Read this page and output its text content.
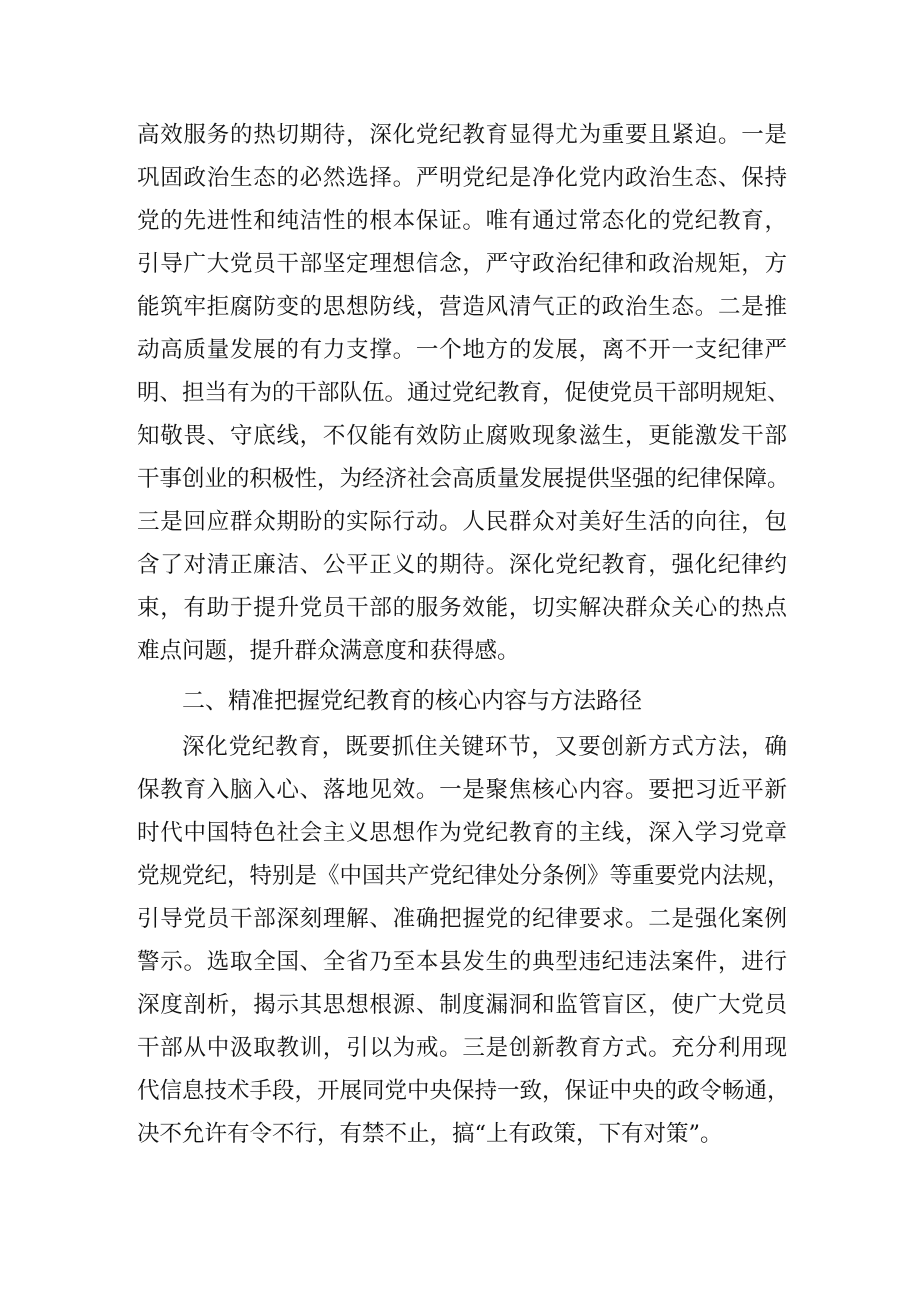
高效服务的热切期待，深化党纪教育显得尤为重要且紧迫。一是
巩固政治生态的必然选择。严明党纪是净化党内政治生态、保持
党的先进性和纯洁性的根本保证。唯有通过常态化的党纪教育，
引导广大党员干部坚定理想信念，严守政治纪律和政治规矩，方
能筑牢拒腐防变的思想防线，营造风清气正的政治生态。二是推
动高质量发展的有力支撑。一个地方的发展，离不开一支纪律严
明、担当有为的干部队伍。通过党纪教育，促使党员干部明规矩、
知敬畏、守底线，不仅能有效防止腐败现象滋生，更能激发干部
干事创业的积极性，为经济社会高质量发展提供坚强的纪律保障。
三是回应群众期盼的实际行动。人民群众对美好生活的向往，包
含了对清正廉洁、公平正义的期待。深化党纪教育，强化纪律约
束，有助于提升党员干部的服务效能，切实解决群众关心的热点
难点问题，提升群众满意度和获得感。
二、精准把握党纪教育的核心内容与方法路径
深化党纪教育，既要抓住关键环节，又要创新方式方法，确
保教育入脑入心、落地见效。一是聚焦核心内容。要把习近平新
时代中国特色社会主义思想作为党纪教育的主线，深入学习党章
党规党纪，特别是《中国共产党纪律处分条例》等重要党内法规，
引导党员干部深刻理解、准确把握党的纪律要求。二是强化案例
警示。选取全国、全省乃至本县发生的典型违纪违法案件，进行
深度剖析，揭示其思想根源、制度漏洞和监管盲区，使广大党员
干部从中汲取教训，引以为戒。三是创新教育方式。充分利用现
代信息技术手段，开展同党中央保持一致，保证中央的政令畅通，
决不允许有令不行，有禁不止，搞“上有政策，下有对策”。
